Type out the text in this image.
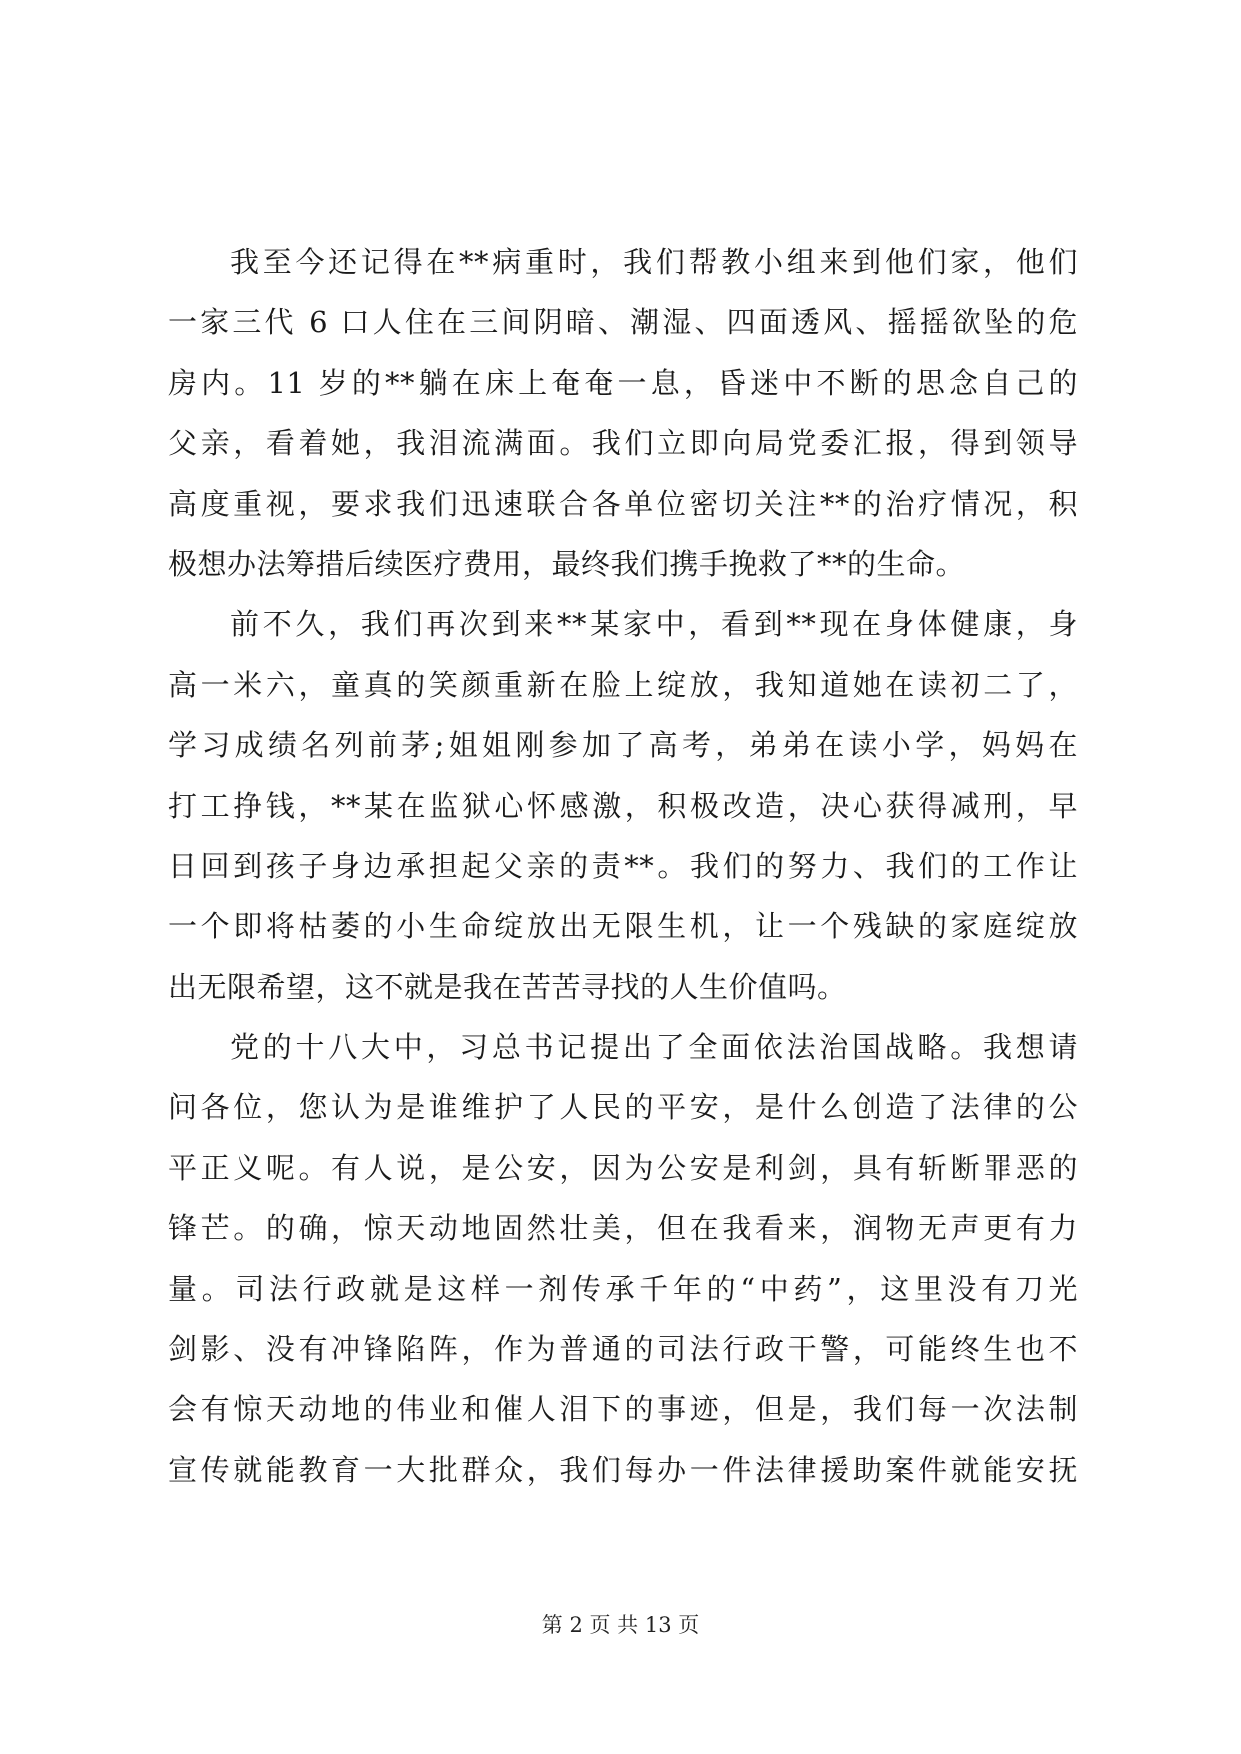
我至今还记得在**病重时，我们帮教小组来到他们家，他们
一家三代 6 口人住在三间阴暗、潮湿、四面透风、摇摇欲坠的危
房内。11 岁的**躺在床上奄奄一息，昏迷中不断的思念自己的
父亲，看着她，我泪流满面。我们立即向局党委汇报，得到领导
高度重视，要求我们迅速联合各单位密切关注**的治疗情况，积
极想办法筹措后续医疗费用，最终我们携手挽救了**的生命。
前不久，我们再次到来**某家中，看到**现在身体健康，身
高一米六，童真的笑颜重新在脸上绽放，我知道她在读初二了，
学习成绩名列前茅;姐姐刚参加了高考，弟弟在读小学，妈妈在
打工挣钱，**某在监狱心怀感激，积极改造，决心获得减刑，早
日回到孩子身边承担起父亲的责**。我们的努力、我们的工作让
一个即将枯萎的小生命绽放出无限生机，让一个残缺的家庭绽放
出无限希望，这不就是我在苦苦寻找的人生价值吗。
党的十八大中，习总书记提出了全面依法治国战略。我想请
问各位，您认为是谁维护了人民的平安，是什么创造了法律的公
平正义呢。有人说，是公安，因为公安是利剑，具有斩断罪恶的
锋芒。的确，惊天动地固然壮美，但在我看来，润物无声更有力
量。司法行政就是这样一剂传承千年的“中药”，这里没有刀光
剑影、没有冲锋陷阵，作为普通的司法行政干警，可能终生也不
会有惊天动地的伟业和催人泪下的事迹，但是，我们每一次法制
宣传就能教育一大批群众，我们每办一件法律援助案件就能安抚
第 2 页 共 13 页
